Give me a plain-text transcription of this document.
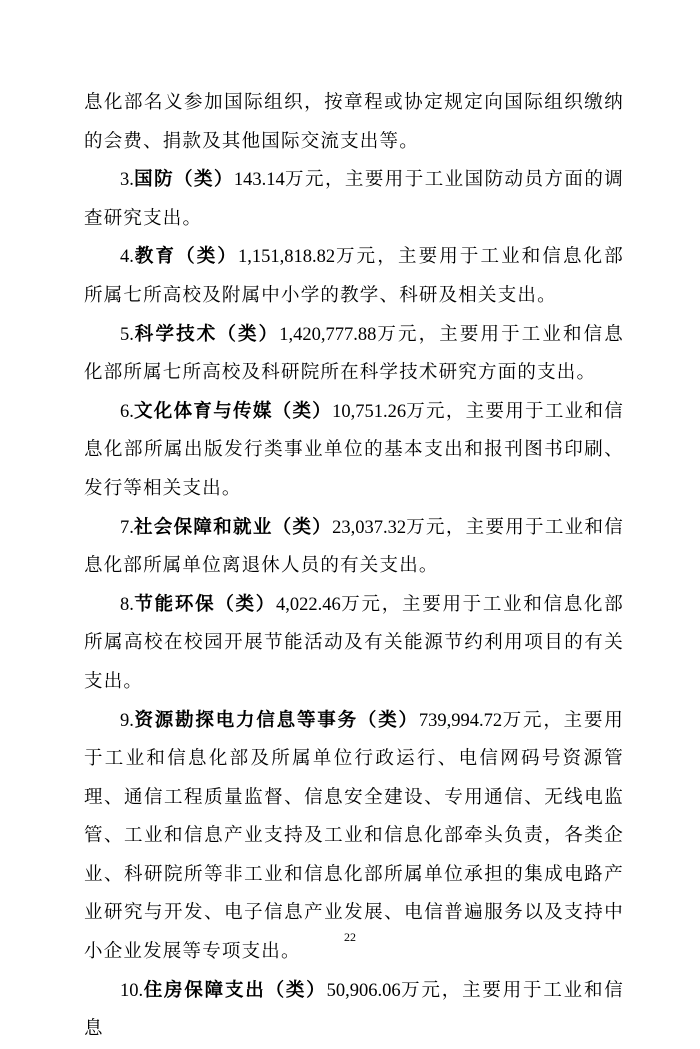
息化部名义参加国际组织，按章程或协定规定向国际组织缴纳的会费、捐款及其他国际交流支出等。

3.国防（类）143.14万元，主要用于工业国防动员方面的调查研究支出。

4.教育（类）1,151,818.82万元，主要用于工业和信息化部所属七所高校及附属中小学的教学、科研及相关支出。

5.科学技术（类）1,420,777.88万元，主要用于工业和信息化部所属七所高校及科研院所在科学技术研究方面的支出。

6.文化体育与传媒（类）10,751.26万元，主要用于工业和信息化部所属出版发行类事业单位的基本支出和报刊图书印刷、发行等相关支出。

7.社会保障和就业（类）23,037.32万元，主要用于工业和信息化部所属单位离退休人员的有关支出。

8.节能环保（类）4,022.46万元，主要用于工业和信息化部所属高校在校园开展节能活动及有关能源节约利用项目的有关支出。

9.资源勘探电力信息等事务（类）739,994.72万元，主要用于工业和信息化部及所属单位行政运行、电信网码号资源管理、通信工程质量监督、信息安全建设、专用通信、无线电监管、工业和信息产业支持及工业和信息化部牵头负责，各类企业、科研院所等非工业和信息化部所属单位承担的集成电路产业研究与开发、电子信息产业发展、电信普遍服务以及支持中小企业发展等专项支出。

10.住房保障支出（类）50,906.06万元，主要用于工业和信息

22
